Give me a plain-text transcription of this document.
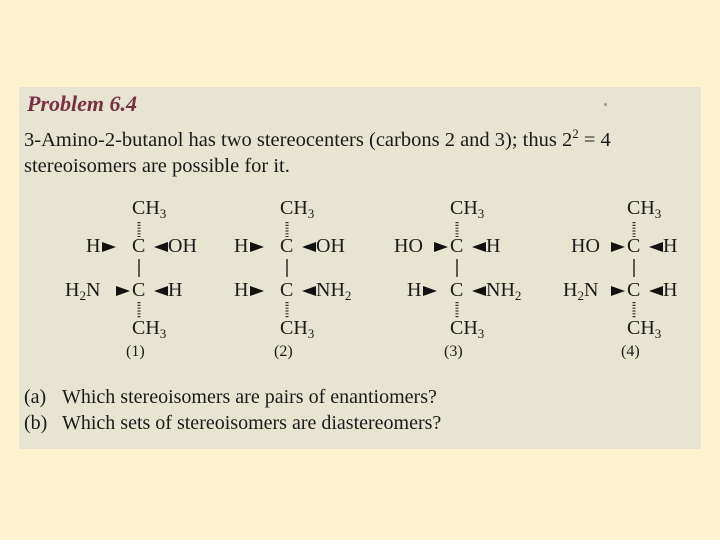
Problem 6.4
3-Amino-2-butanol has two stereocenters (carbons 2 and 3); thus $2^2 = 4$ stereoisomers are possible for it.
$CH_3$
H C OH
$H_2N$ C H
$CH_3$
(1)
$CH_3$
H C OH
H C $NH_2$
$CH_3$
(2)
$CH_3$
HO C H
H C $NH_2$
$CH_3$
(3)
$CH_3$
HO C H
$H_2N$ C H
$CH_3$
(4)
(a) Which stereoisomers are pairs of enantiomers?
(b) Which sets of stereoisomers are diastereomers?
